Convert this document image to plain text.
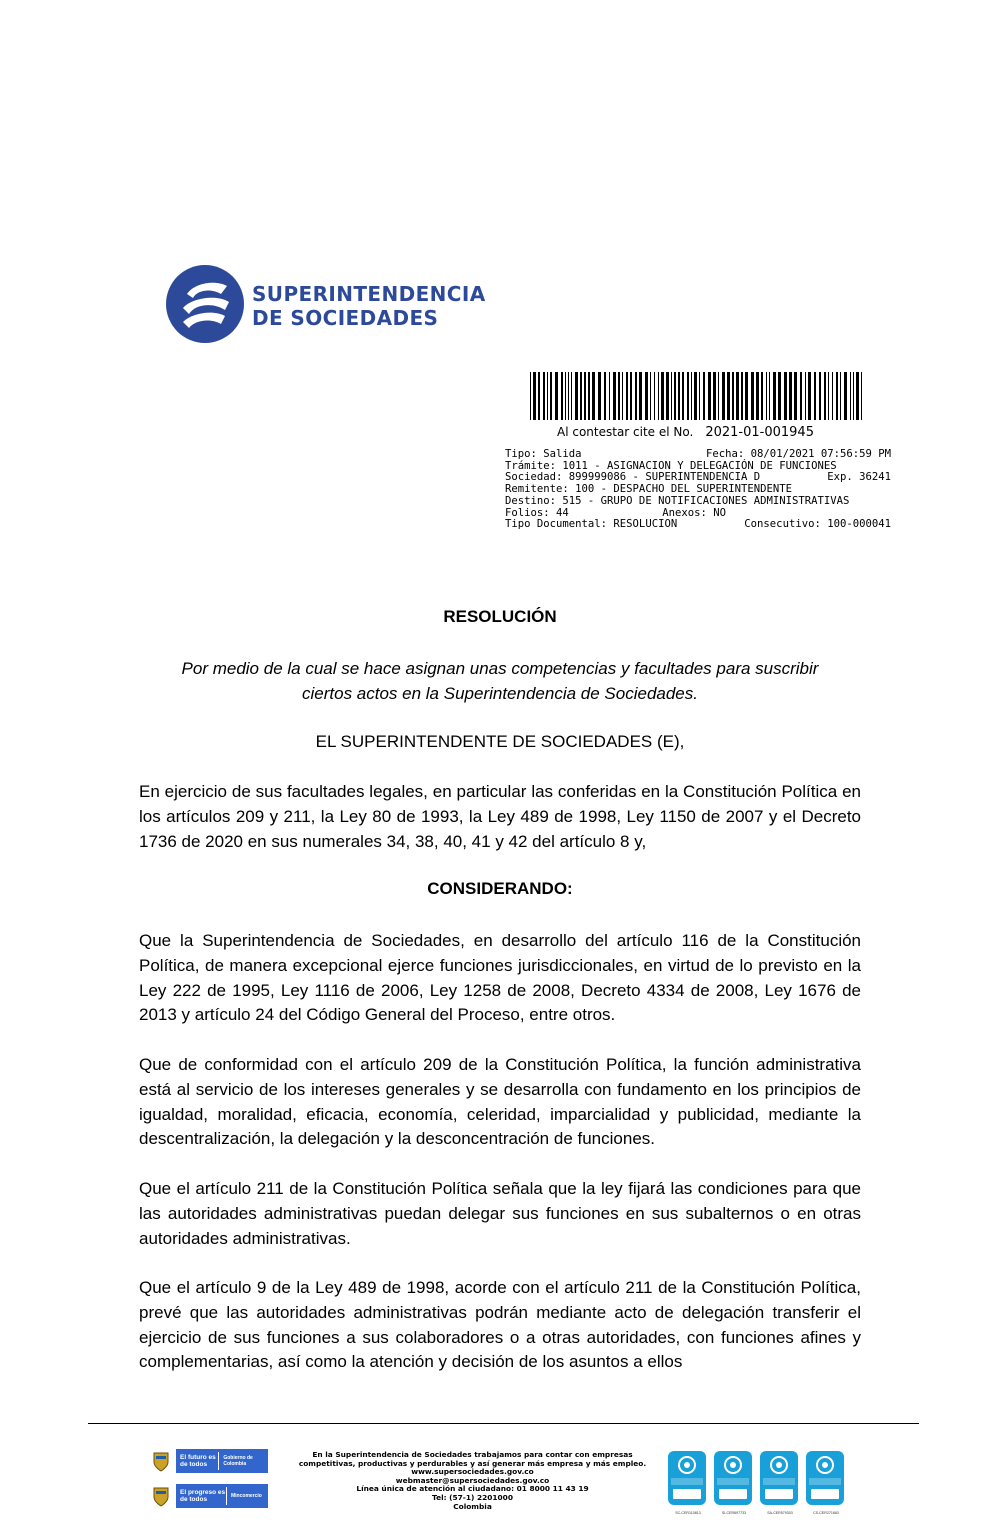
SUPERINTENDENCIA
DE SOCIEDADES
Al contestar cite el No. 2021-01-001945
Tipo: Salida	Fecha: 08/01/2021 07:56:59 PM
Trámite: 1011 - ASIGNACION Y DELEGACIÓN DE FUNCIONES
Sociedad: 899999086 - SUPERINTENDENCIA D	Exp. 36241
Remitente: 100 - DESPACHO DEL SUPERINTENDENTE
Destino: 515 - GRUPO DE NOTIFICACIONES ADMINISTRATIVAS
Folios: 44	Anexos: NO
Tipo Documental: RESOLUCION	Consecutivo: 100-000041
RESOLUCIÓN
Por medio de la cual se hace asignan unas competencias y facultades para suscribir
ciertos actos en la Superintendencia de Sociedades.
EL SUPERINTENDENTE DE SOCIEDADES (E),

En ejercicio de sus facultades legales, en particular las conferidas en la Constitución Política en los artículos 209 y 211, la Ley 80 de 1993, la Ley 489 de 1998, Ley 1150 de 2007 y el Decreto 1736 de 2020 en sus numerales 34, 38, 40, 41 y 42 del artículo 8 y,

CONSIDERANDO:

Que la Superintendencia de Sociedades, en desarrollo del artículo 116 de la Constitución Política, de manera excepcional ejerce funciones jurisdiccionales, en virtud de lo previsto en la Ley 222 de 1995, Ley 1116 de 2006, Ley 1258 de 2008, Decreto 4334 de 2008, Ley 1676 de 2013 y artículo 24 del Código General del Proceso, entre otros.

Que de conformidad con el artículo 209 de la Constitución Política, la función administrativa está al servicio de los intereses generales y se desarrolla con fundamento en los principios de igualdad, moralidad, eficacia, economía, celeridad, imparcialidad y publicidad, mediante la descentralización, la delegación y la desconcentración de funciones.

Que el artículo 211 de la Constitución Política señala que la ley fijará las condiciones para que las autoridades administrativas puedan delegar sus funciones en sus subalternos o en otras autoridades administrativas.

Que el artículo 9 de la Ley 489 de 1998, acorde con el artículo 211 de la Constitución Política, prevé que las autoridades administrativas podrán mediante acto de delegación transferir el ejercicio de sus funciones a sus colaboradores o a otras autoridades, con funciones afines y complementarias, así como la atención y decisión de los asuntos a ellos

El futuro es de todos
Gobierno de Colombia
El progreso es de todos	Mincomercio
En la Superintendencia de Sociedades trabajamos para contar con empresas
competitivas, productivas y perdurables y así generar más empresa y más empleo.
www.supersociedades.gov.co
webmaster@supersociedades.gov.co
Línea única de atención al ciudadano: 01 8000 11 43 19
Tel: (57-1) 2201000
Colombia
SC-CER110813	SI-CER697733	SA-CER579303	CS-CER271683
